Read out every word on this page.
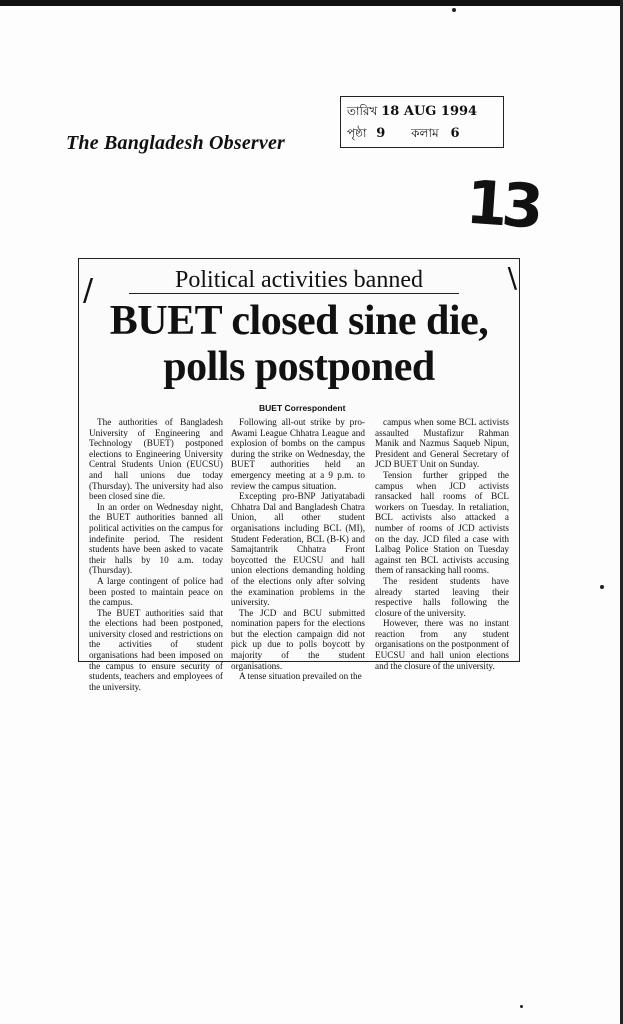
The Bangladesh Observer
তারিখ 18 AUG 1994
পৃষ্ঠা 9 কলাম 6
13
/	\
Political activities banned
BUET closed sine die,
polls postponed
BUET Correspondent

The authorities of Bangladesh University of Engineering and Technology (BUET) postponed elections to Engineering University Central Students Union (EUCSU) and hall unions due today (Thursday). The university had also been closed sine die.

In an order on Wednesday night, the BUET authorities banned all political activities on the campus for indefinite period. The resident students have been asked to vacate their halls by 10 a.m. today (Thursday).

A large contingent of police had been posted to maintain peace on the campus.

The BUET authorities said that the elections had been postponed, university closed and restrictions on the activities of student organisations had been imposed on the campus to ensure security of students, teachers and employees of the university.

Following all-out strike by pro-Awami League Chhatra League and explosion of bombs on the campus during the strike on Wednesday, the BUET authorities held an emergency meeting at a 9 p.m. to review the campus situation.

Excepting pro-BNP Jatiyatabadi Chhatra Dal and Bangladesh Chatra Union, all other student organisations including BCL (MI), Student Federation, BCL (B-K) and Samajtantrik Chhatra Front boycotted the EUCSU and hall union elections demanding holding of the elections only after solving the examination problems in the university.

The JCD and BCU submitted nomination papers for the elections but the election campaign did not pick up due to polls boycott by majority of the student organisations.

A tense situation prevailed on the

campus when some BCL activists assaulted Mustafizur Rahman Manik and Nazmus Saqueb Nipun, President and General Secretary of JCD BUET Unit on Sunday.

Tension further gripped the campus when JCD activists ransacked hall rooms of BCL workers on Tuesday. In retaliation, BCL activists also attacked a number of rooms of JCD activists on the day. JCD filed a case with Lalbag Police Station on Tuesday against ten BCL activists accusing them of ransacking hall rooms.

The resident students have already started leaving their respective halls following the closure of the university.

However, there was no instant reaction from any student organisations on the postponment of EUCSU and hall union elections and the closure of the university.
